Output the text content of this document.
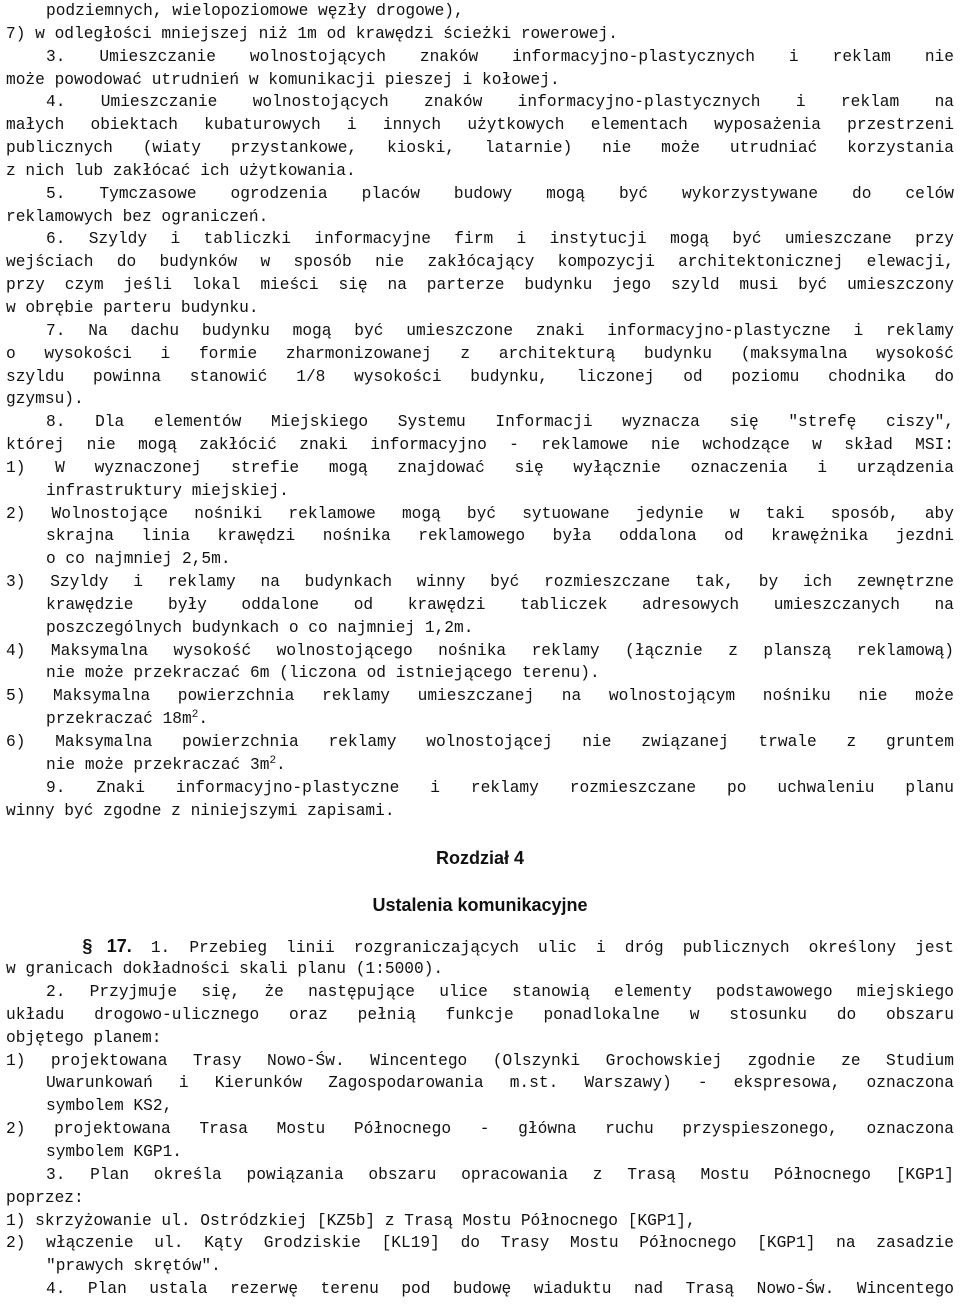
podziemnych, wielopoziomowe węzły drogowe),
7) w odległości mniejszej niż 1m od krawędzi ścieżki rowerowej.
3. Umieszczanie wolnostojących znaków informacyjno-plastycznych i reklam nie
może powodować utrudnień w komunikacji pieszej i kołowej.
4. Umieszczanie wolnostojących znaków informacyjno-plastycznych i reklam na
małych obiektach kubaturowych i innych użytkowych elementach wyposażenia przestrzeni
publicznych (wiaty przystankowe, kioski, latarnie) nie może utrudniać korzystania
z nich lub zakłócać ich użytkowania.
5. Tymczasowe ogrodzenia placów budowy mogą być wykorzystywane do celów
reklamowych bez ograniczeń.
6. Szyldy i tabliczki informacyjne firm i instytucji mogą być umieszczane przy
wejściach do budynków w sposób nie zakłócający kompozycji architektonicznej elewacji,
przy czym jeśli lokal mieści się na parterze budynku jego szyld musi być umieszczony
w obrębie parteru budynku.
7. Na dachu budynku mogą być umieszczone znaki informacyjno-plastyczne i reklamy
o wysokości i formie zharmonizowanej z architekturą budynku (maksymalna wysokość
szyldu powinna stanowić 1/8 wysokości budynku, liczonej od poziomu chodnika do
gzymsu).
8. Dla elementów Miejskiego Systemu Informacji wyznacza się "strefę ciszy",
której nie mogą zakłócić znaki informacyjno - reklamowe nie wchodzące w skład MSI:
1) W wyznaczonej strefie mogą znajdować się wyłącznie oznaczenia i urządzenia
infrastruktury miejskiej.
2) Wolnostojące nośniki reklamowe mogą być sytuowane jedynie w taki sposób, aby
skrajna linia krawędzi nośnika reklamowego była oddalona od krawężnika jezdni
o co najmniej 2,5m.
3) Szyldy i reklamy na budynkach winny być rozmieszczane tak, by ich zewnętrzne
krawędzie były oddalone od krawędzi tabliczek adresowych umieszczanych na
poszczególnych budynkach o co najmniej 1,2m.
4) Maksymalna wysokość wolnostojącego nośnika reklamy (łącznie z planszą reklamową)
nie może przekraczać 6m (liczona od istniejącego terenu).
5) Maksymalna powierzchnia reklamy umieszczanej na wolnostojącym nośniku nie może
przekraczać $18m^2$.
6) Maksymalna powierzchnia reklamy wolnostojącej nie związanej trwale z gruntem
nie może przekraczać $3m^2$.
9. Znaki informacyjno-plastyczne i reklamy rozmieszczane po uchwaleniu planu
winny być zgodne z niniejszymi zapisami.
Rozdział 4
Ustalenia komunikacyjne
§ 17. 1. Przebieg linii rozgraniczających ulic i dróg publicznych określony jest
w granicach dokładności skali planu (1:5000).
2. Przyjmuje się, że następujące ulice stanowią elementy podstawowego miejskiego
układu drogowo-ulicznego oraz pełnią funkcje ponadlokalne w stosunku do obszaru
objętego planem:
1) projektowana Trasy Nowo-Św. Wincentego (Olszynki Grochowskiej zgodnie ze Studium
Uwarunkowań i Kierunków Zagospodarowania m.st. Warszawy) - ekspresowa, oznaczona
symbolem KS2,
2) projektowana Trasa Mostu Północnego - główna ruchu przyspieszonego, oznaczona
symbolem KGP1.
3. Plan określa powiązania obszaru opracowania z Trasą Mostu Północnego [KGP1]
poprzez:
1) skrzyżowanie ul. Ostródzkiej [KZ5b] z Trasą Mostu Północnego [KGP1],
2) włączenie ul. Kąty Grodziskie [KL19] do Trasy Mostu Północnego [KGP1] na zasadzie
"prawych skrętów".
4. Plan ustala rezerwę terenu pod budowę wiaduktu nad Trasą Nowo-Św. Wincentego
